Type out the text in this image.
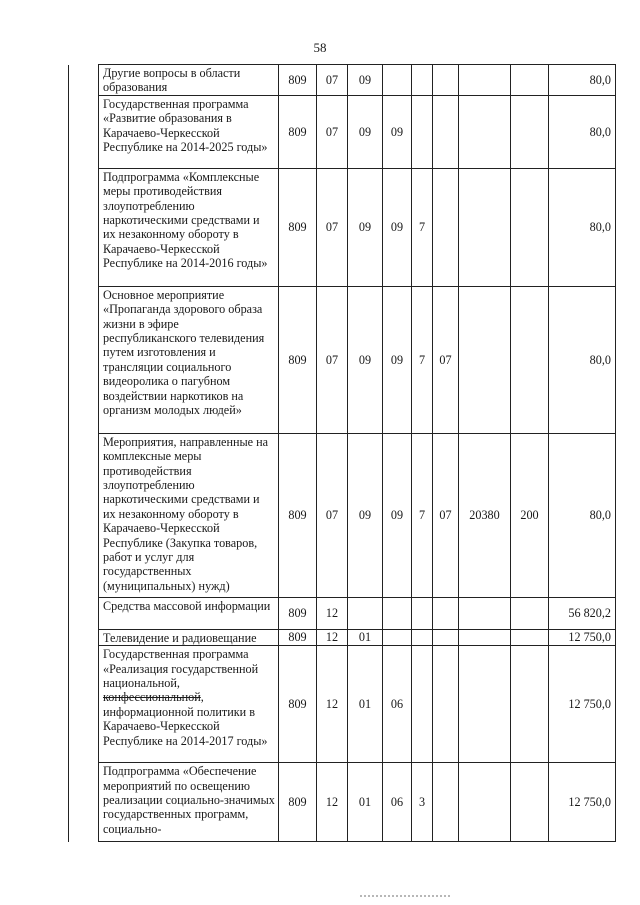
58
	Другие вопросы в области образования	809	07	09						80,0
	Государственная программа «Развитие образования в Карачаево-Черкесской Республике на 2014-2025 годы»	809	07	09	09					80,0
	Подпрограмма «Комплексные меры противодействия злоупотреблению наркотическими средствами и их незаконному обороту в Карачаево-Черкесской Республике на 2014-2016 годы»	809	07	09	09	7				80,0
	Основное мероприятие «Пропаганда здорового образа жизни в эфире республиканского телевидения путем изготовления и трансляции социального видеоролика о пагубном воздействии наркотиков на организм молодых людей»	809	07	09	09	7	07			80,0
	Мероприятия, направленные на комплексные меры противодействия злоупотреблению наркотическими средствами и их незаконному обороту в Карачаево-Черкесской Республике (Закупка товаров, работ и услуг для государственных (муниципальных) нужд)	809	07	09	09	7	07	20380	200	80,0
	Средства массовой информации	809	12							56 820,2
	Телевидение и радиовещание	809	12	01						12 750,0
	Государственная программа «Реализация государственной национальной, конфессиональной, информационной политики в Карачаево-Черкесской Республике на 2014-2017 годы»	809	12	01	06					12 750,0
	Подпрограмма «Обеспечение мероприятий по освещению реализации социально-значимых государственных программ, социально-	809	12	01	06	3				12 750,0
